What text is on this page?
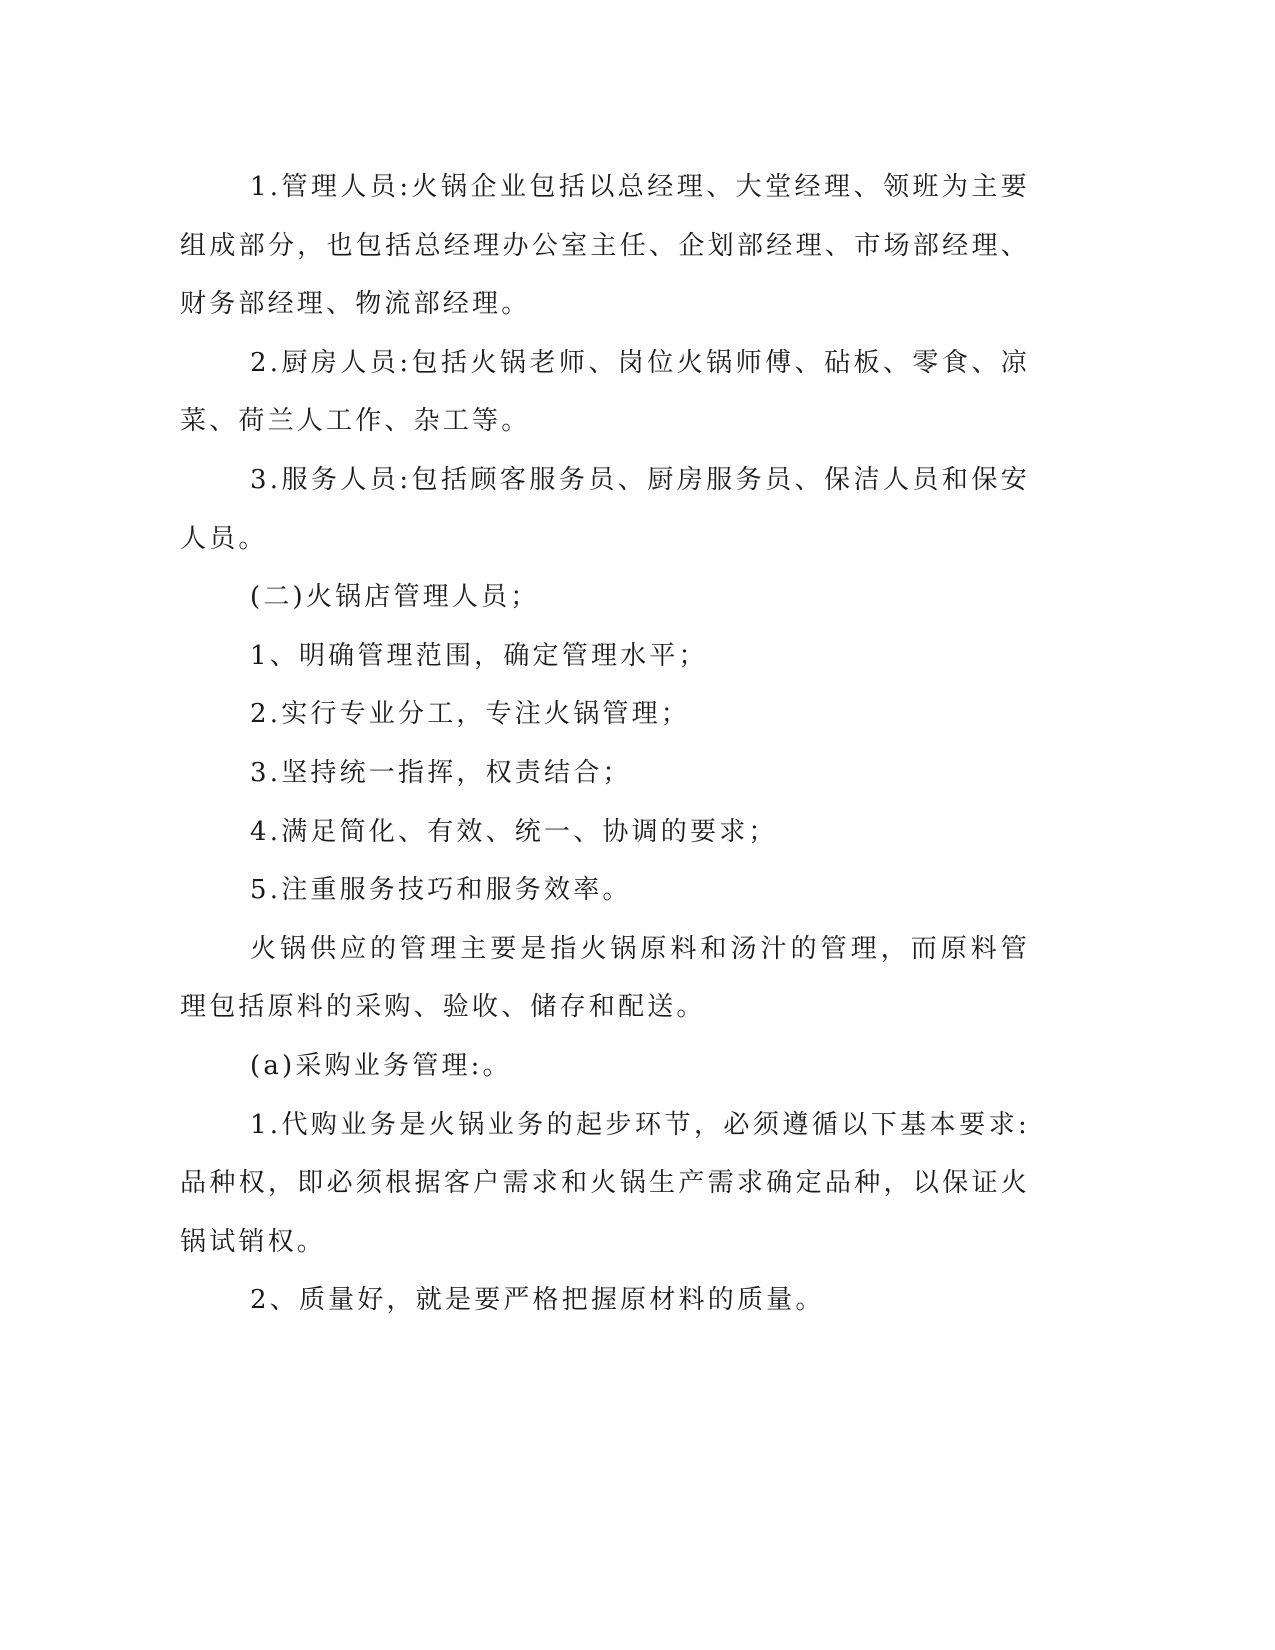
1.管理人员:火锅企业包括以总经理、大堂经理、领班为主要组成部分，也包括总经理办公室主任、企划部经理、市场部经理、财务部经理、物流部经理。

2.厨房人员:包括火锅老师、岗位火锅师傅、砧板、零食、凉菜、荷兰人工作、杂工等。

3.服务人员:包括顾客服务员、厨房服务员、保洁人员和保安人员。

(二)火锅店管理人员；

1、明确管理范围，确定管理水平；

2.实行专业分工，专注火锅管理；

3.坚持统一指挥，权责结合；

4.满足简化、有效、统一、协调的要求；

5.注重服务技巧和服务效率。

火锅供应的管理主要是指火锅原料和汤汁的管理，而原料管理包括原料的采购、验收、储存和配送。

(a)采购业务管理:。

1.代购业务是火锅业务的起步环节，必须遵循以下基本要求:品种权，即必须根据客户需求和火锅生产需求确定品种，以保证火锅试销权。

2、质量好，就是要严格把握原材料的质量。
